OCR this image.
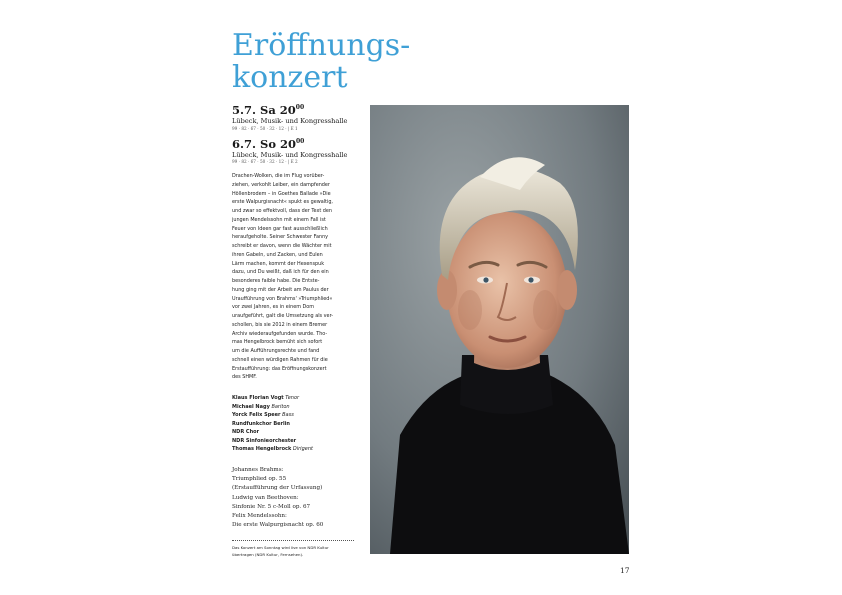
Eröffnungs-
konzert
5.7. Sa $20^{00}$
Lübeck, Musik- und Kongresshalle
99 · 82 · 67 · 50 · 32 · 12 · | E 1
6.7. So $20^{00}$
Lübeck, Musik- und Kongresshalle
99 · 82 · 67 · 50 · 32 · 12 · | E 2
Drachen-Wolken, die im Flug vorüber-
ziehen, verkohlt Leiber, ein dampfender
Höllenbrodem – in Goethes Ballade »Die
erste Walpurgisnacht« spukt es gewaltig,
und zwar so effektvoll, dass der Text den
jungen Mendelssohn mit einem Fall ist
Feuer von Ideen gar fast ausschließlich
heraufgeholte. Seiner Schwester Fanny
schreibt er davon, wenn die Wächter mit
ihren Gabeln, und Zacken, und Eulen
Lärm machen, kommt der Hexenspuk
dazu, und Du weißt, daß ich für den ein
besonderes faible habe. Die Entste-
hung ging mit der Arbeit am Paulus der
Uraufführung von Brahms' »Triumphlied«
vor zwei Jahren, es in einem Dom
uraufgeführt, galt die Umsetzung als ver-
schollen, bis sie 2012 in einem Bremer
Archiv wiederaufgefunden wurde. Tho-
mas Hengelbrock bemüht sich sofort
um die Aufführungsrechte und fand
schnell einen würdigen Rahmen für die
Erstaufführung: das Eröffnungskonzert
des SHMF.
Klaus Florian Vogt Tenor
Michael Nagy Bariton
Yorck Felix Speer Bass
Rundfunkchor Berlin
NDR Chor
NDR Sinfonieorchester
Thomas Hengelbrock Dirigent
Johannes Brahms:
Triumphlied op. 55
(Erstaufführung der Urfassung)
Ludwig van Beethoven:
Sinfonie Nr. 5 c-Moll op. 67
Felix Mendelssohn:
Die erste Walpurgisnacht op. 60
Das Konzert am Sonntag wird live von NDR Kultur
übertragen (NDR Kultur, Fernsehen).
17
